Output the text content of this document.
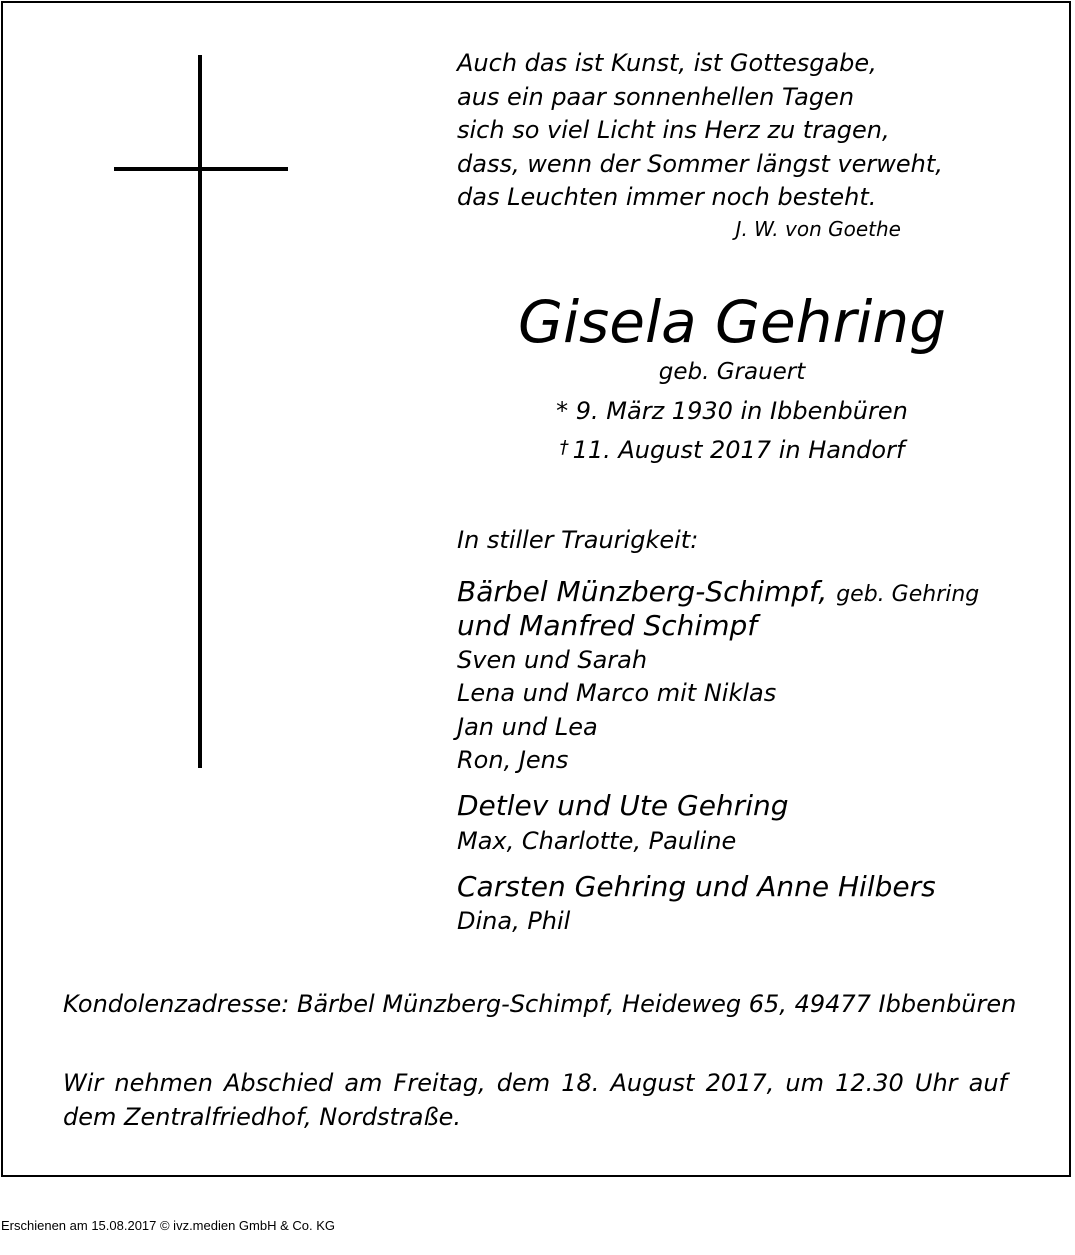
Auch das ist Kunst, ist Gottesgabe,
aus ein paar sonnenhellen Tagen
sich so viel Licht ins Herz zu tragen,
dass, wenn der Sommer längst verweht,
das Leuchten immer noch besteht.
J. W. von Goethe
Gisela Gehring
geb. Grauert
* 9. März 1930 in Ibbenbüren
† 11. August 2017 in Handorf
In stiller Traurigkeit:
Bärbel Münzberg-Schimpf, geb. Gehring
und Manfred Schimpf
Sven und Sarah
Lena und Marco mit Niklas
Jan und Lea
Ron, Jens
Detlev und Ute Gehring
Max, Charlotte, Pauline
Carsten Gehring und Anne Hilbers
Dina, Phil
Kondolenzadresse: Bärbel Münzberg-Schimpf, Heideweg 65, 49477 Ibbenbüren
Wir nehmen Abschied am Freitag, dem 18. August 2017, um 12.30 Uhr auf dem Zentralfriedhof, Nordstraße.
Erschienen am 15.08.2017 © ivz.medien GmbH & Co. KG
